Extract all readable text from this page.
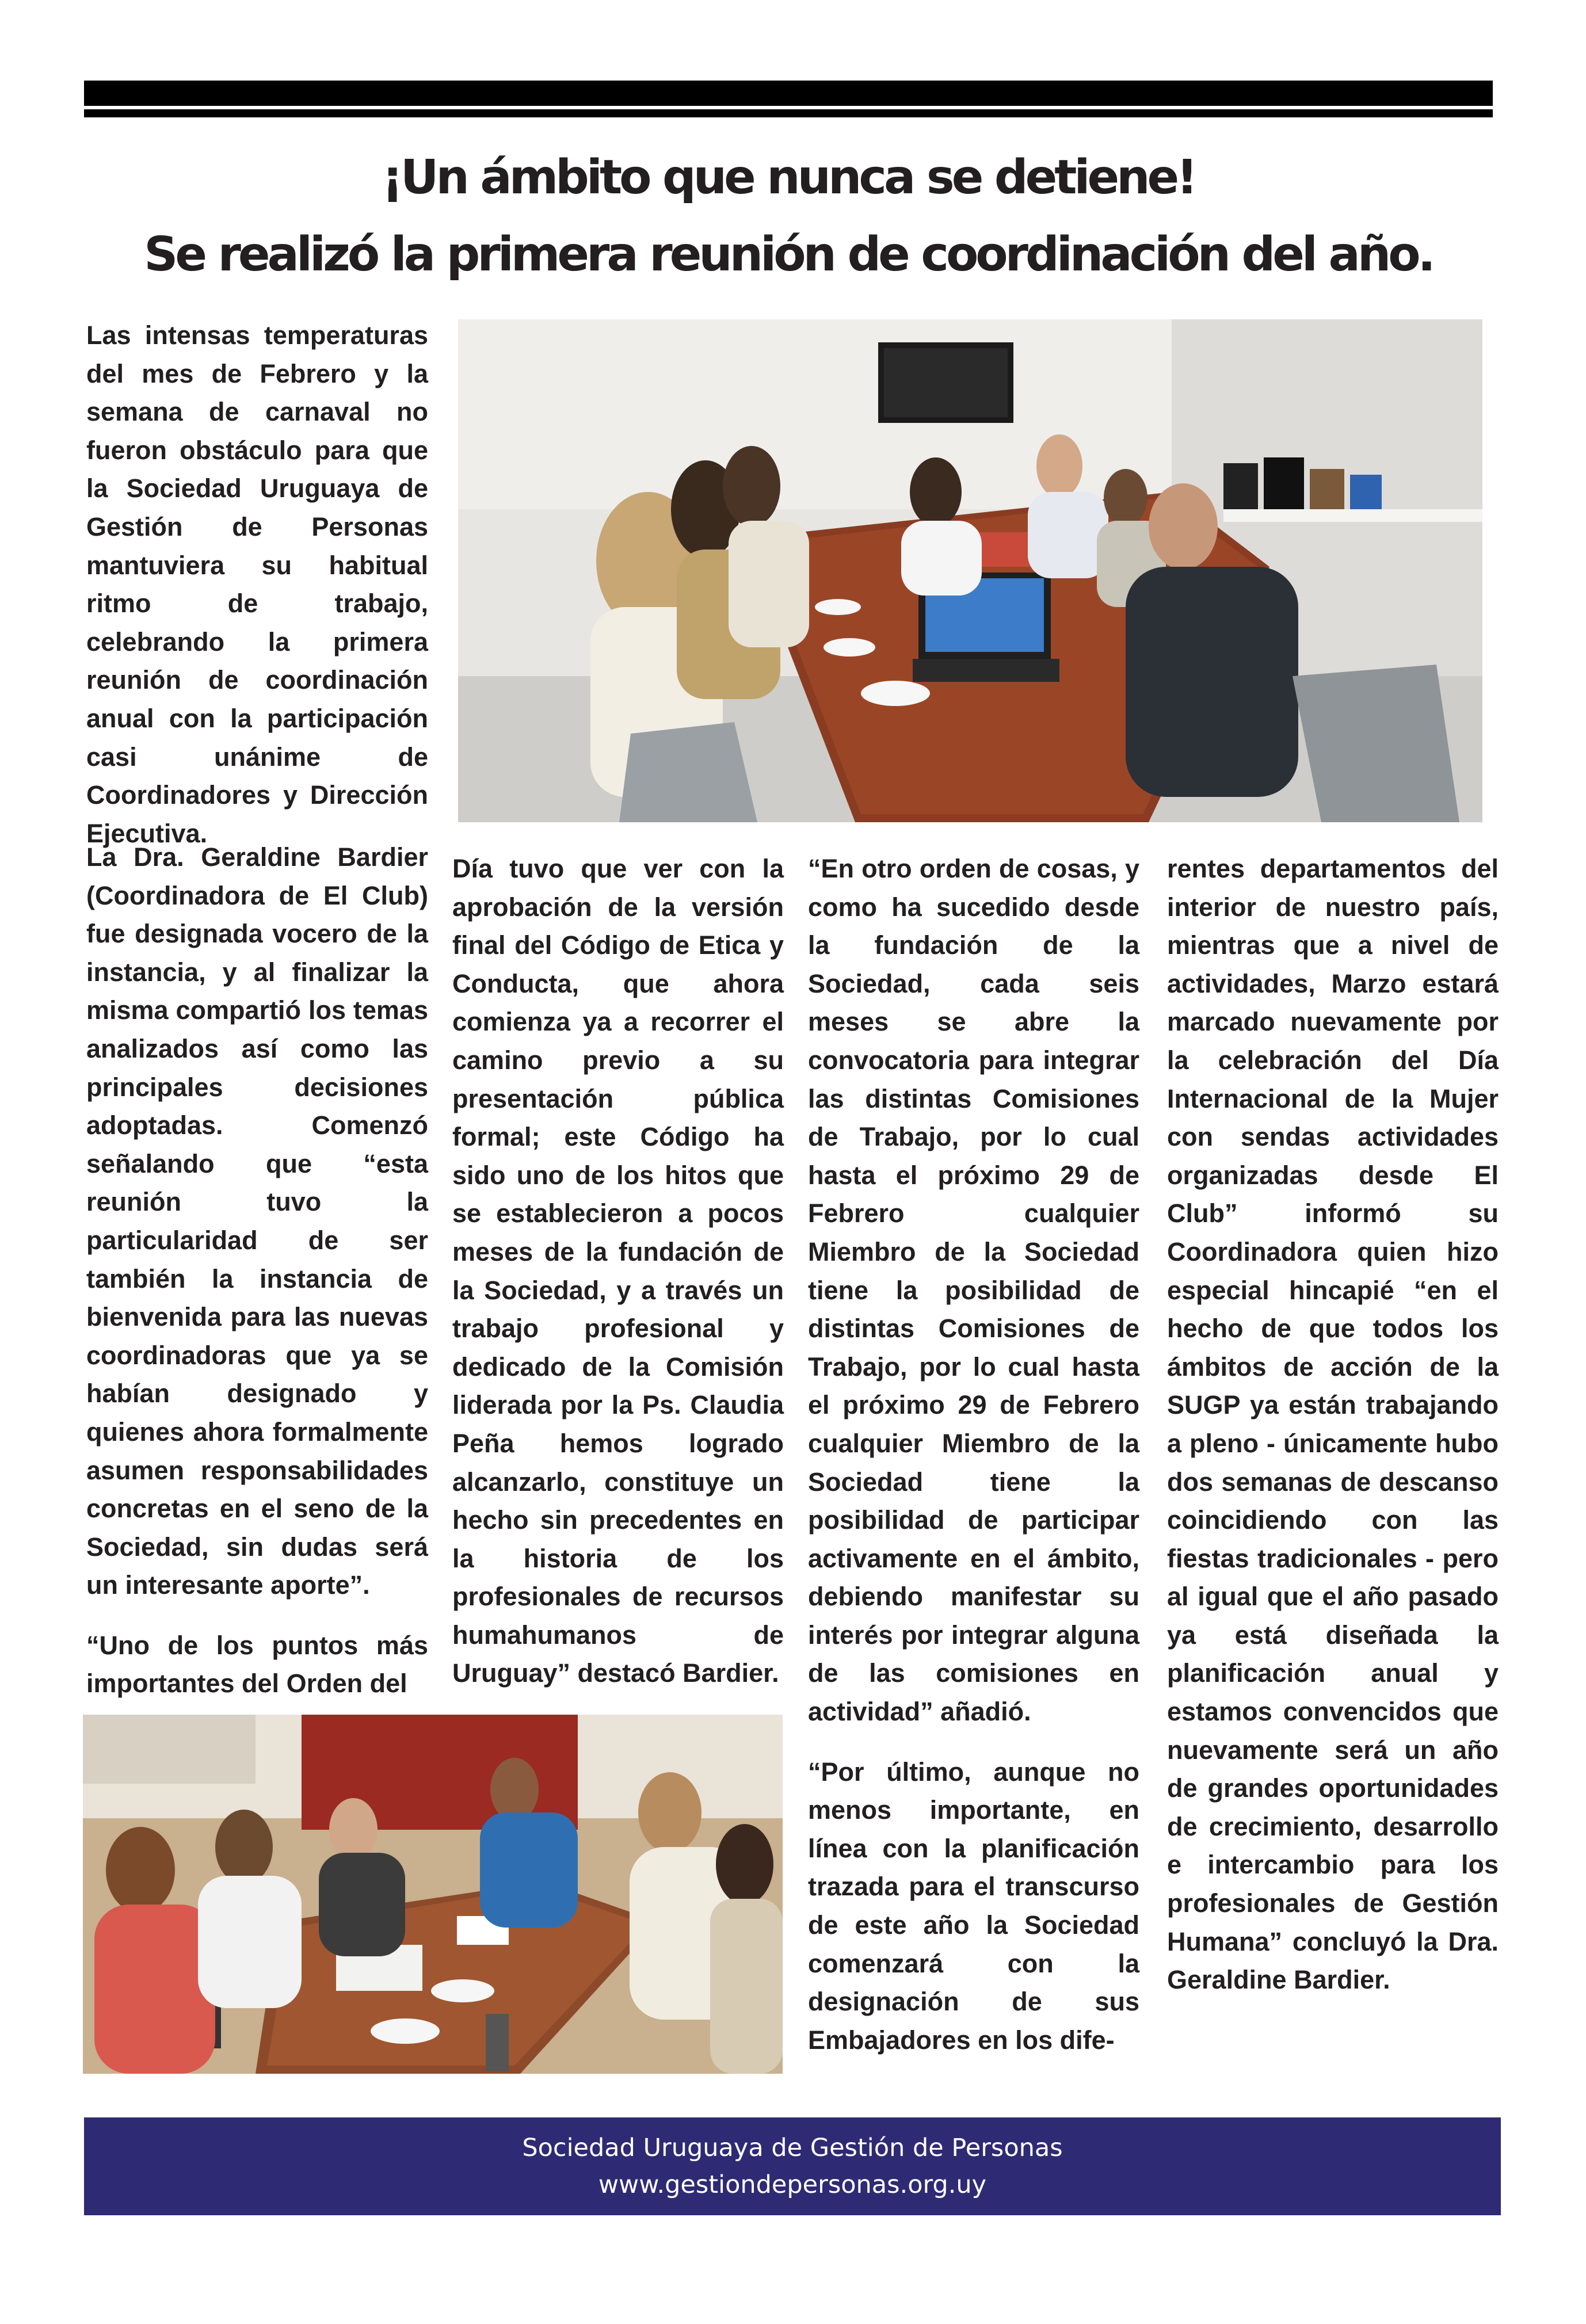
¡Un ámbito que nunca se detiene!
Se realizó la primera reunión de coordinación del año.

Las intensas temperaturas del mes de Febrero y la semana de carnaval no fueron obstáculo para que la Sociedad Uruguaya de Gestión de Personas mantuviera su habitual ritmo de trabajo, celebrando la primera reunión de coordinación anual con la participación casi unánime de Coordinadores y Dirección Ejecutiva.

La Dra. Geraldine Bardier (Coordinadora de El Club) fue designada vocero de la instancia, y al finalizar la misma compartió los temas analizados así como las principales decisiones adoptadas. Comenzó señalando que “esta reunión tuvo la particularidad de ser también la instancia de bienvenida para las nuevas coordinadoras que ya se habían designado y quienes ahora formalmente asumen responsabilidades concretas en el seno de la Sociedad, sin dudas será un interesante aporte”.

“Uno de los puntos más importantes del Orden del

Día tuvo que ver con la aprobación de la versión final del Código de Etica y Conducta, que ahora comienza ya a recorrer el camino previo a su presentación pública formal; este Código ha sido uno de los hitos que se establecieron a pocos meses de la fundación de la Sociedad, y a través un trabajo profesional y dedicado de la Comisión liderada por la Ps. Claudia Peña hemos logrado alcanzarlo, constituye un hecho sin precedentes en la historia de los profesionales de recursos humahumanos de Uruguay” destacó Bardier.

“En otro orden de cosas, y como ha sucedido desde la fundación de la Sociedad, cada seis meses se abre la convocatoria para integrar las distintas Comisiones de Trabajo, por lo cual hasta el próximo 29 de Febrero cualquier Miembro de la Sociedad tiene la posibilidad de distintas Comisiones de Trabajo, por lo cual hasta el próximo 29 de Febrero cualquier Miembro de la Sociedad tiene la posibilidad de participar activamente en el ámbito, debiendo manifestar su interés por integrar alguna de las comisiones en actividad” añadió.

“Por último, aunque no menos importante, en línea con la planificación trazada para el transcurso de este año la Sociedad comenzará con la designación de sus Embajadores en los dife-

rentes departamentos del interior de nuestro país, mientras que a nivel de actividades, Marzo estará marcado nuevamente por la celebración del Día Internacional de la Mujer con sendas actividades organizadas desde El Club” informó su Coordinadora quien hizo especial hincapié “en el hecho de que todos los ámbitos de acción de la SUGP ya están trabajando a pleno - únicamente hubo dos semanas de descanso coincidiendo con las fiestas tradicionales - pero al igual que el año pasado ya está diseñada la planificación anual y estamos convencidos que nuevamente será un año de grandes oportunidades de crecimiento, desarrollo e intercambio para los profesionales de Gestión Humana” concluyó la Dra. Geraldine Bardier.

Sociedad Uruguaya de Gestión de Personas
www.gestiondepersonas.org.uy
